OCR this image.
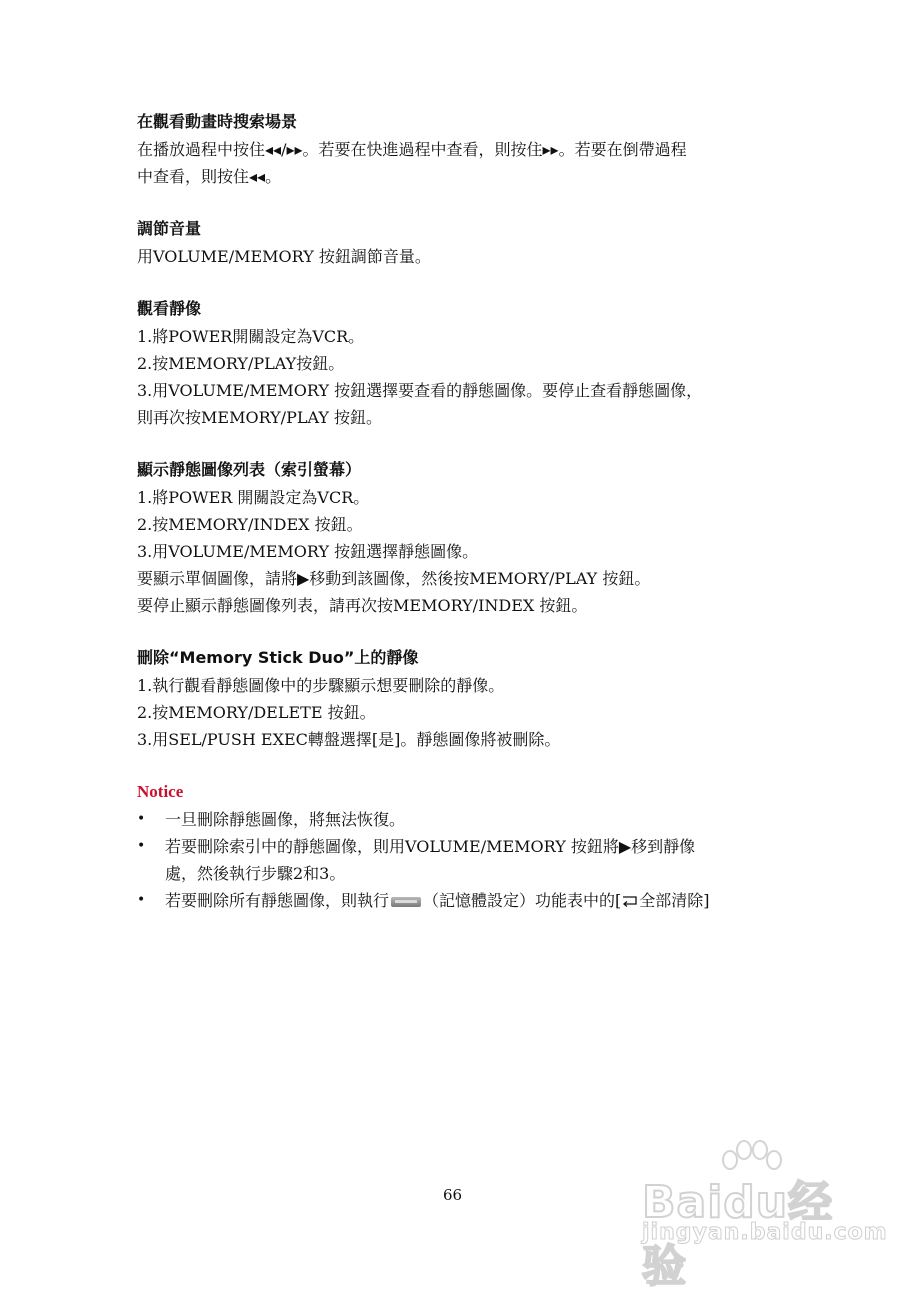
在觀看動畫時搜索場景
在播放過程中按住◂◂/▸▸。若要在快進過程中查看，則按住▸▸。若要在倒帶過程
中查看，則按住◂◂。
調節音量
用VOLUME/MEMORY 按鈕調節音量。
觀看靜像
1.將POWER開關設定為VCR。
2.按MEMORY/PLAY按鈕。
3.用VOLUME/MEMORY 按鈕選擇要查看的靜態圖像。要停止查看靜態圖像，
則再次按MEMORY/PLAY 按鈕。
顯示靜態圖像列表（索引螢幕）
1.將POWER 開關設定為VCR。
2.按MEMORY/INDEX 按鈕。
3.用VOLUME/MEMORY 按鈕選擇靜態圖像。
要顯示單個圖像，請將▶移動到該圖像，然後按MEMORY/PLAY 按鈕。
要停止顯示靜態圖像列表，請再次按MEMORY/INDEX 按鈕。
刪除“Memory Stick Duo”上的靜像
1.執行觀看靜態圖像中的步驟顯示想要刪除的靜像。
2.按MEMORY/DELETE 按鈕。
3.用SEL/PUSH EXEC轉盤選擇[是]。靜態圖像將被刪除。
Notice
• 一旦刪除靜態圖像，將無法恢復。
• 若要刪除索引中的靜態圖像，則用VOLUME/MEMORY 按鈕將▶移到靜像
處，然後執行步驟2和3。
• 若要刪除所有靜態圖像，則執行 （記憶體設定）功能表中的[ 全部清除]
66	Baidu经验
jingyan.baidu.com
